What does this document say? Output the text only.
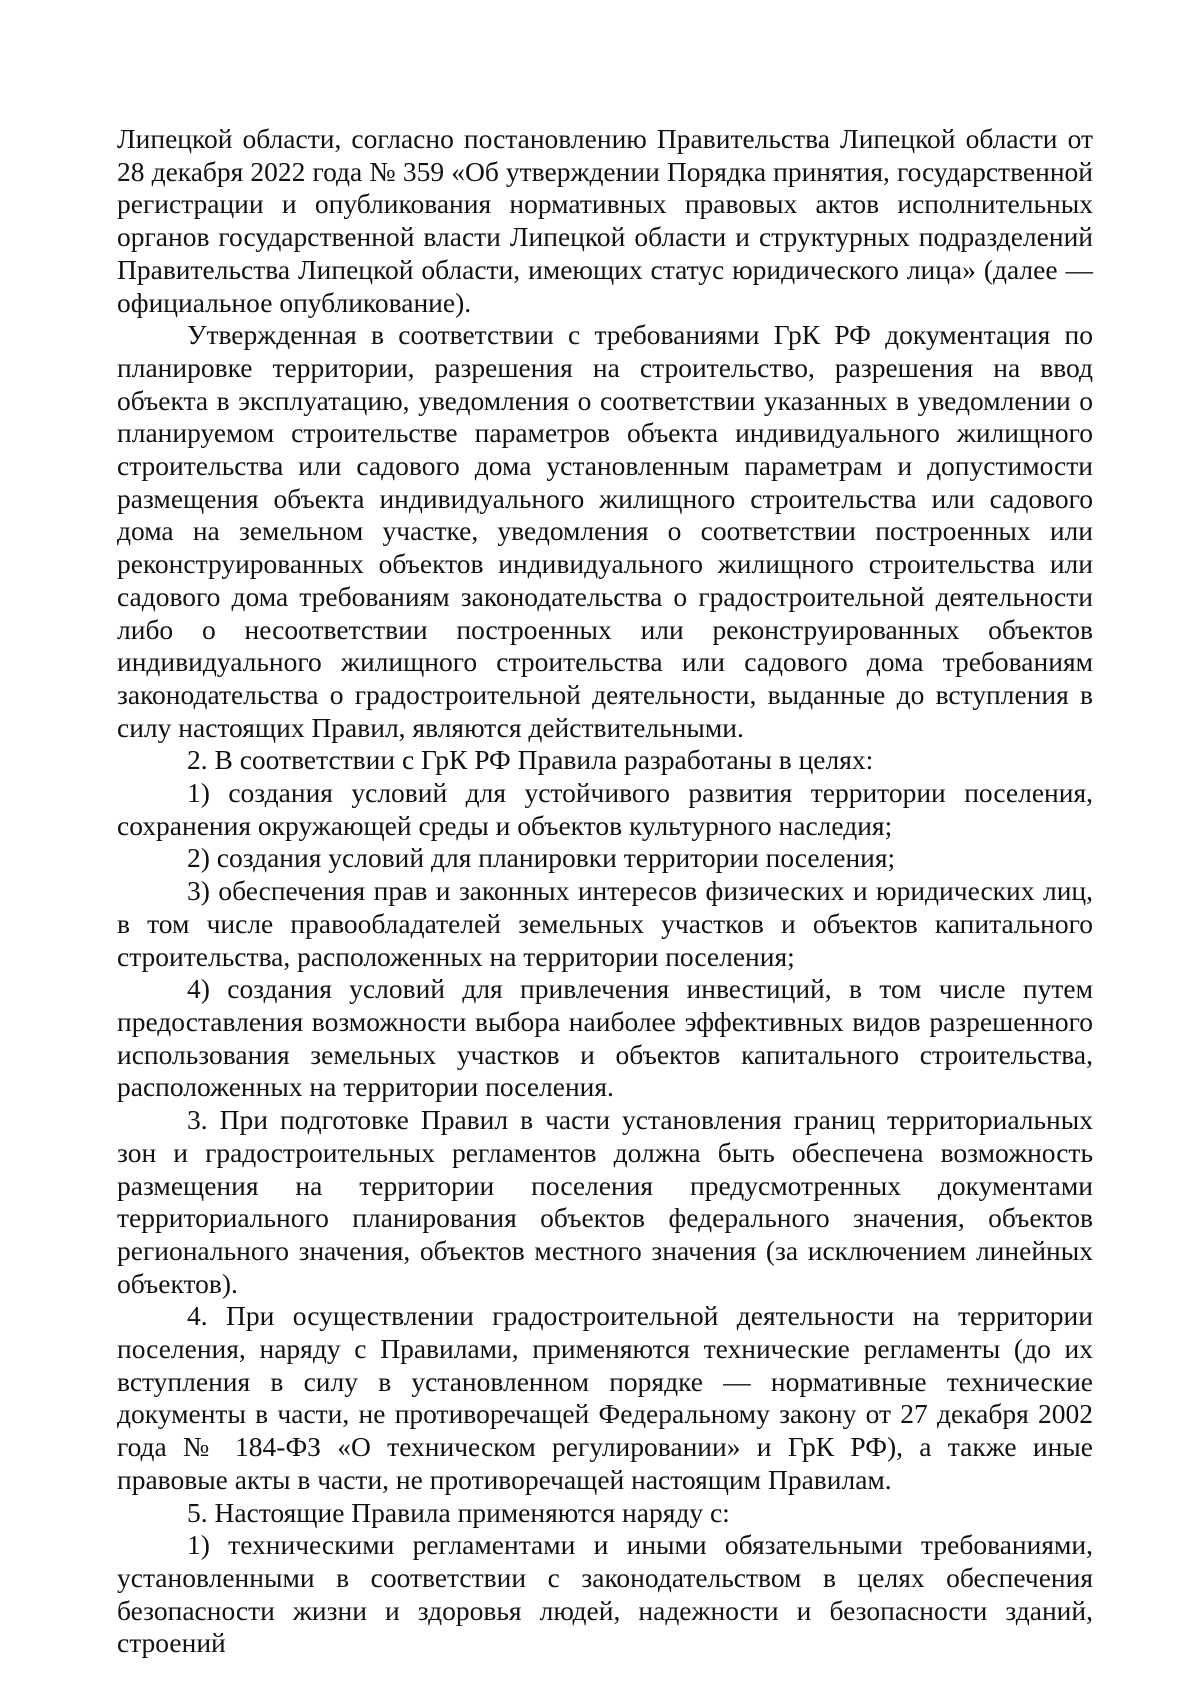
Липецкой области, согласно постановлению Правительства Липецкой области от 28 декабря 2022 года № 359 «Об утверждении Порядка принятия, государственной регистрации и опубликования нормативных правовых актов исполнительных органов государственной власти Липецкой области и структурных подразделений Правительства Липецкой области, имеющих статус юридического лица» (далее — официальное опубликование).

Утвержденная в соответствии с требованиями ГрК РФ документация по планировке территории, разрешения на строительство, разрешения на ввод объекта в эксплуатацию, уведомления о соответствии указанных в уведомлении о планируемом строительстве параметров объекта индивидуального жилищного строительства или садового дома установленным параметрам и допустимости размещения объекта индивидуального жилищного строительства или садового дома на земельном участке, уведомления о соответствии построенных или реконструированных объектов индивидуального жилищного строительства или садового дома требованиям законодательства о градостроительной деятельности либо о несоответствии построенных или реконструированных объектов индивидуального жилищного строительства или садового дома требованиям законодательства о градостроительной деятельности, выданные до вступления в силу настоящих Правил, являются действительными.

2. В соответствии с ГрК РФ Правила разработаны в целях:

1) создания условий для устойчивого развития территории поселения, сохранения окружающей среды и объектов культурного наследия;

2) создания условий для планировки территории поселения;

3) обеспечения прав и законных интересов физических и юридических лиц, в том числе правообладателей земельных участков и объектов капитального строительства, расположенных на территории поселения;

4) создания условий для привлечения инвестиций, в том числе путем предоставления возможности выбора наиболее эффективных видов разрешенного использования земельных участков и объектов капитального строительства, расположенных на территории поселения.

3. При подготовке Правил в части установления границ территориальных зон и градостроительных регламентов должна быть обеспечена возможность размещения на территории поселения предусмотренных документами территориального планирования объектов федерального значения, объектов регионального значения, объектов местного значения (за исключением линейных объектов).

4. При осуществлении градостроительной деятельности на территории поселения, наряду с Правилами, применяются технические регламенты (до их вступления в силу в установленном порядке — нормативные технические документы в части, не противоречащей Федеральному закону от 27 декабря 2002 года № 184-ФЗ «О техническом регулировании» и ГрК РФ), а также иные правовые акты в части, не противоречащей настоящим Правилам.

5. Настоящие Правила применяются наряду с:

1) техническими регламентами и иными обязательными требованиями, установленными в соответствии с законодательством в целях обеспечения безопасности жизни и здоровья людей, надежности и безопасности зданий, строений
